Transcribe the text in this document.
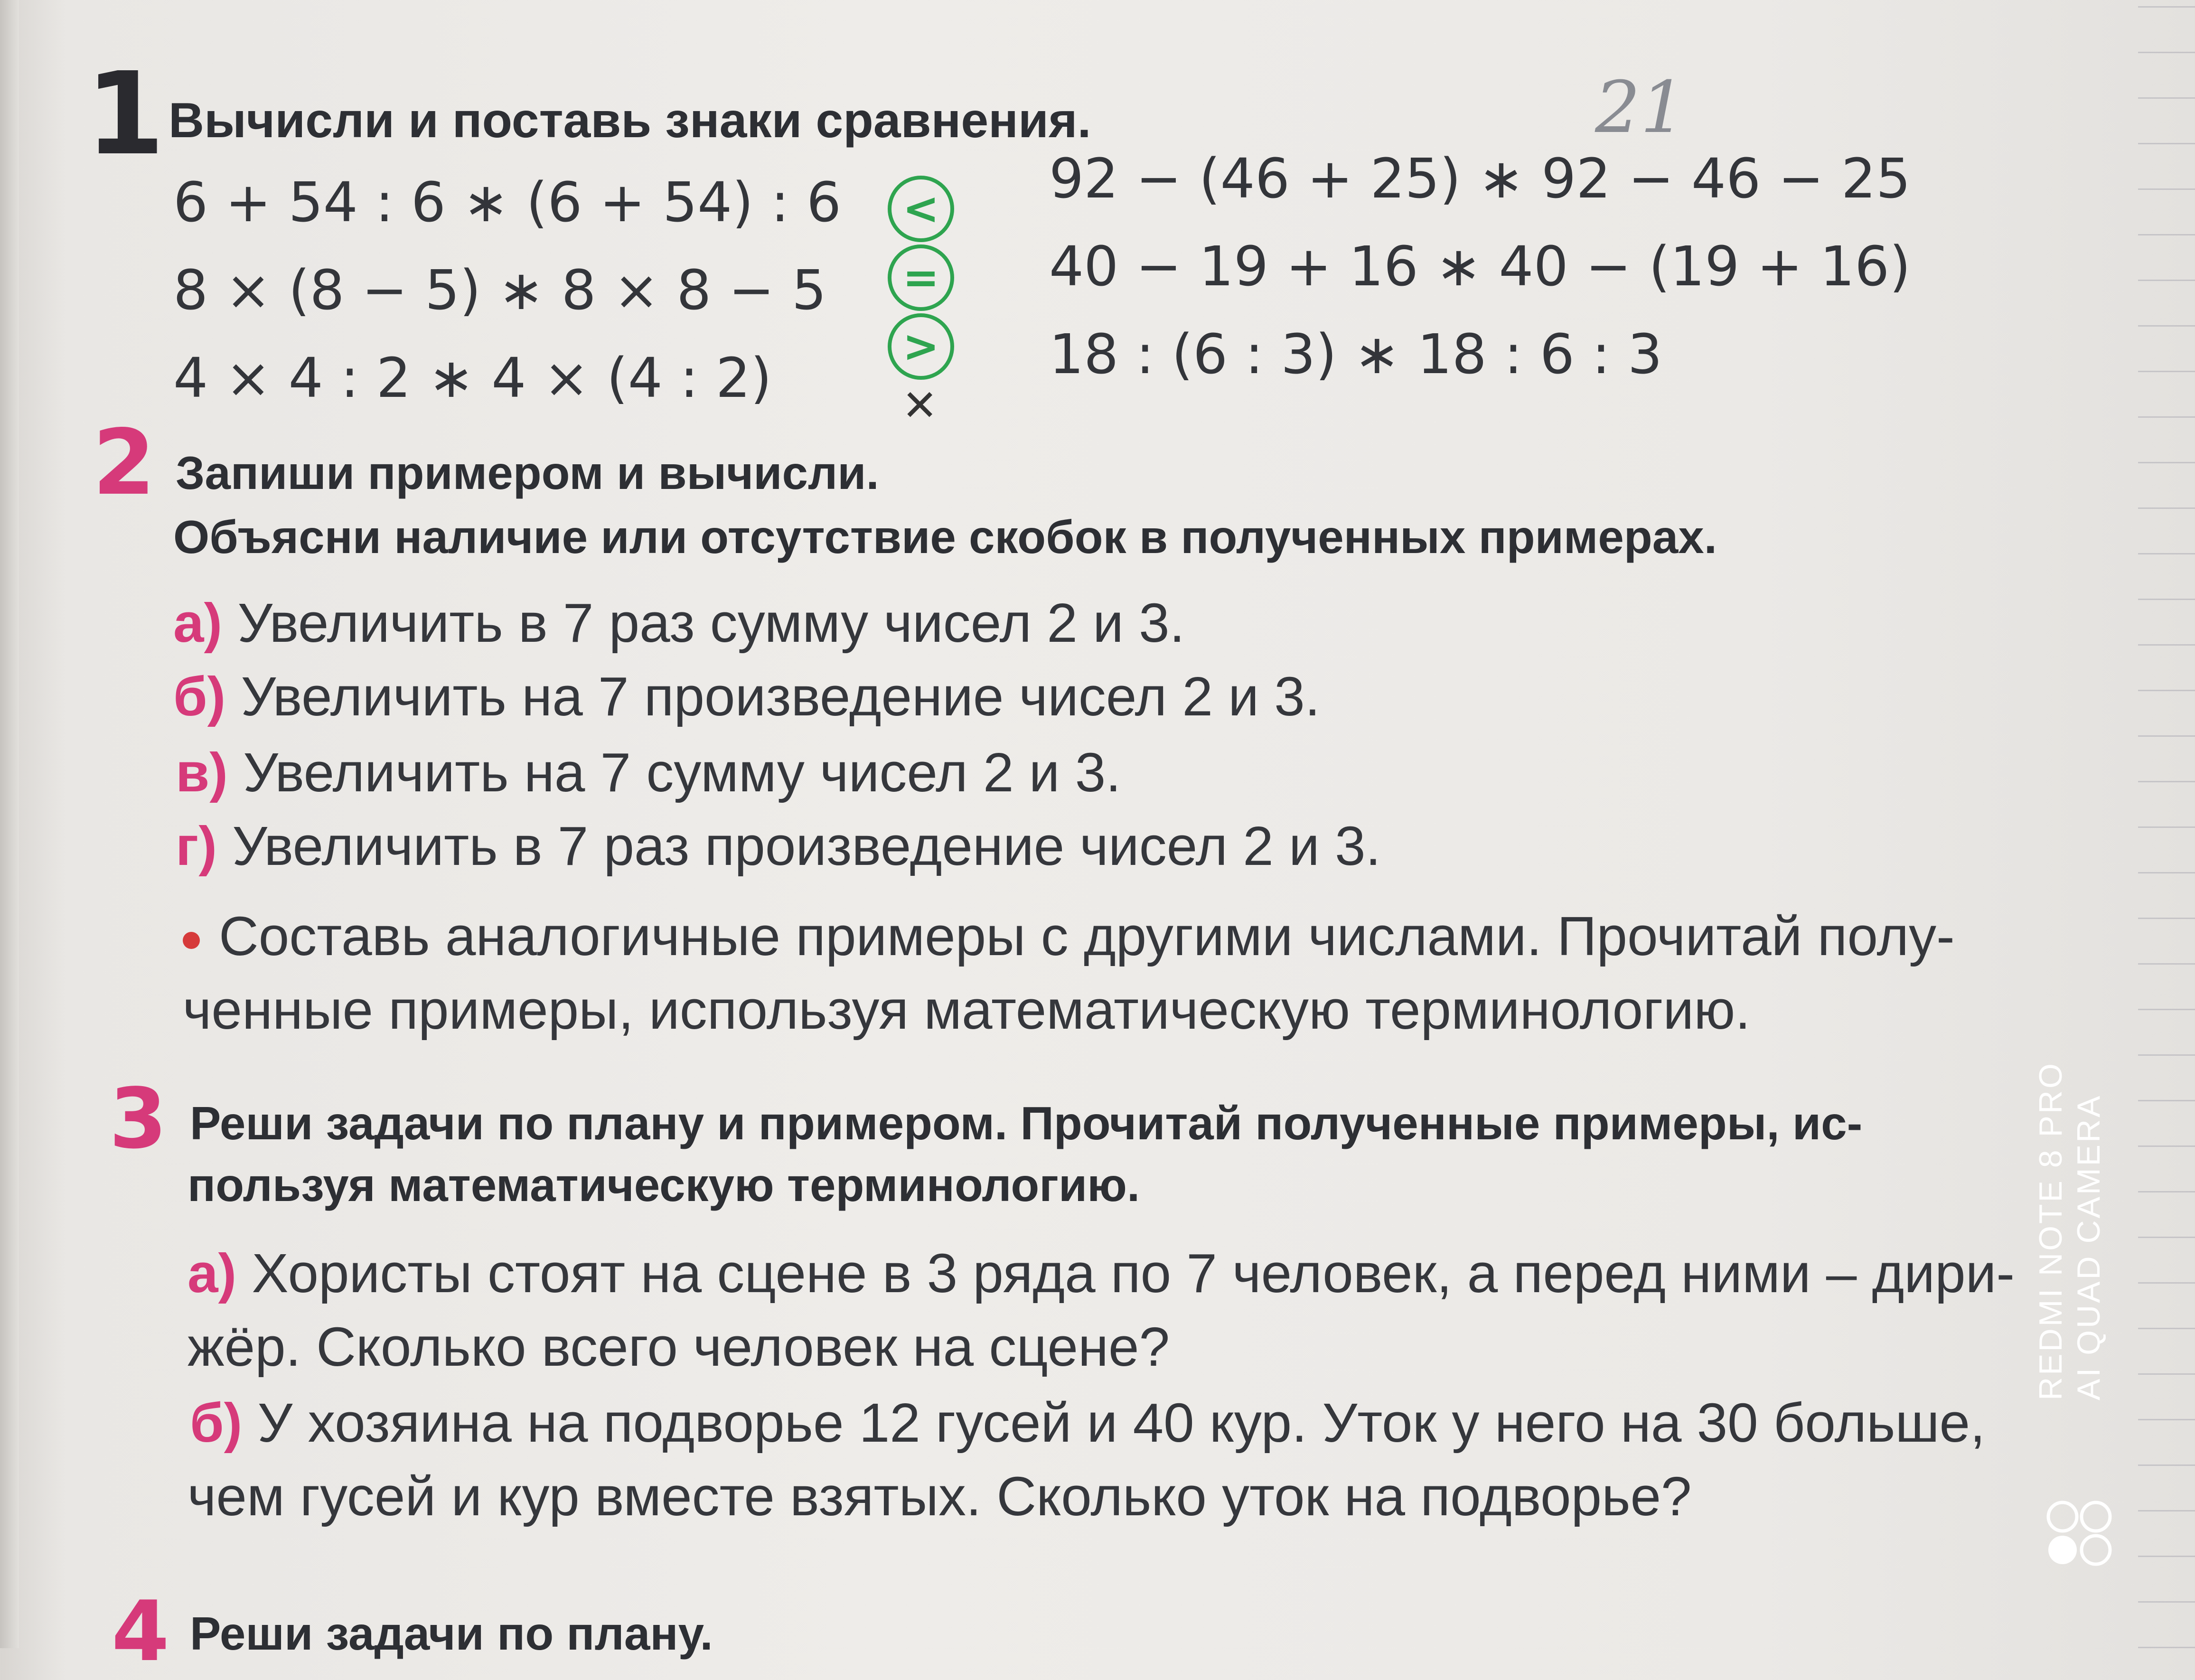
1 Вычисли и поставь знаки сравнения.
6 + 54 : 6 ∗ (6 + 54) : 6
8 × (8 − 5) ∗ 8 × 8 − 5
4 × 4 : 2 ∗ 4 × (4 : 2)
<
=
>
✕
92 − (46 + 25) ∗ 92 − 46 − 25
40 − 19 + 16 ∗ 40 − (19 + 16)
18 : (6 : 3) ∗ 18 : 6 : 3
21
2 Запиши примером и вычисли.
Объясни наличие или отсутствие скобок в полученных примерах.
а) Увеличить в 7 раз сумму чисел 2 и 3.
б) Увеличить на 7 произведение чисел 2 и 3.
в) Увеличить на 7 сумму чисел 2 и 3.
г) Увеличить в 7 раз произведение чисел 2 и 3.
Составь аналогичные примеры с другими числами. Прочитай полу-
ченные примеры, используя математическую терминологию.
3 Реши задачи по плану и примером. Прочитай полученные примеры, ис-
пользуя математическую терминологию.
а) Хористы стоят на сцене в 3 ряда по 7 человек, а перед ними – дири-
жёр. Сколько всего человек на сцене?
б) У хозяина на подворье 12 гусей и 40 кур. Уток у него на 30 больше,
чем гусей и кур вместе взятых. Сколько уток на подворье?
4 Реши задачи по плану.
REDMI NOTE 8 PRO AI QUAD CAMERA
